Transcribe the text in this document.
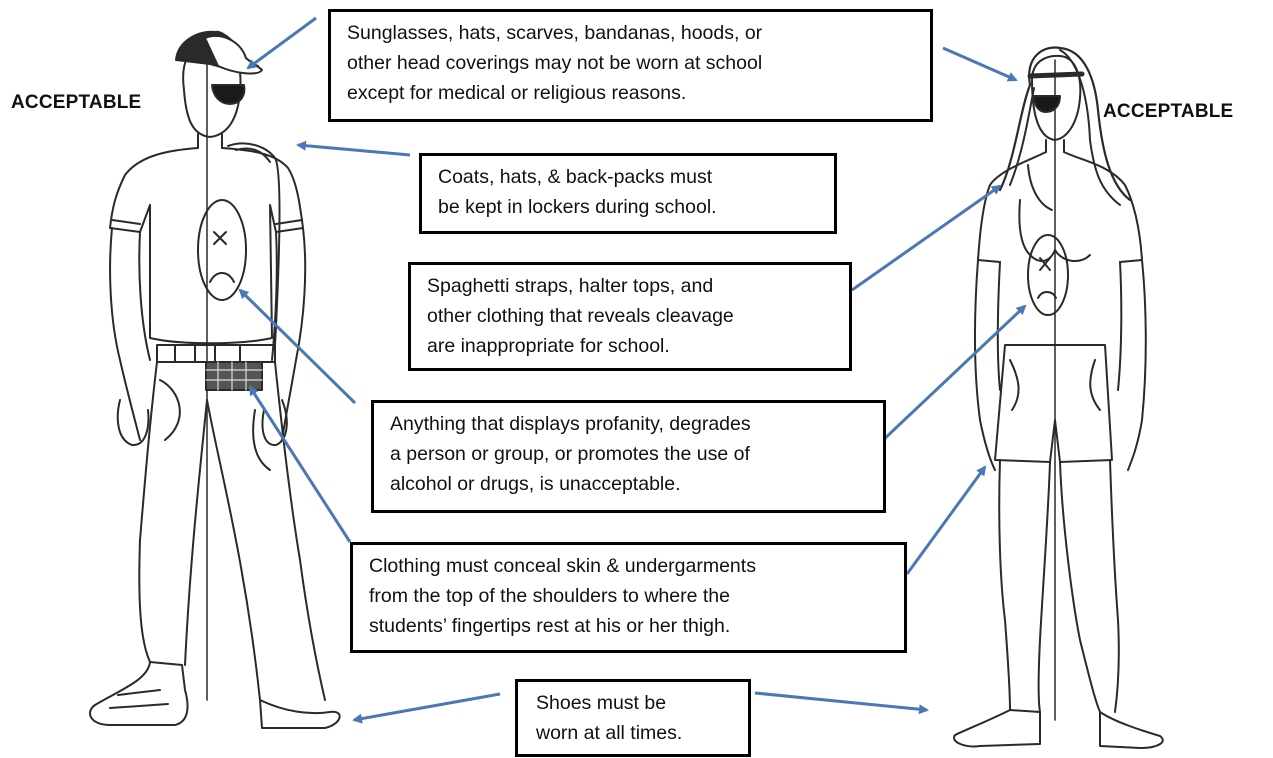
ACCEPTABLE	ACCEPTABLE
Sunglasses, hats, scarves, bandanas, hoods, or
other head coverings may not be worn at school
except for medical or religious reasons.
Coats, hats, & back-packs must
be kept in lockers during school.
Spaghetti straps, halter tops, and
other clothing that reveals cleavage
are inappropriate for school.
Anything that displays profanity, degrades
a person or group, or promotes the use of
alcohol or drugs, is unacceptable.
Clothing must conceal skin & undergarments
from the top of the shoulders to where the
students’ fingertips rest at his or her thigh.
Shoes must be
worn at all times.
